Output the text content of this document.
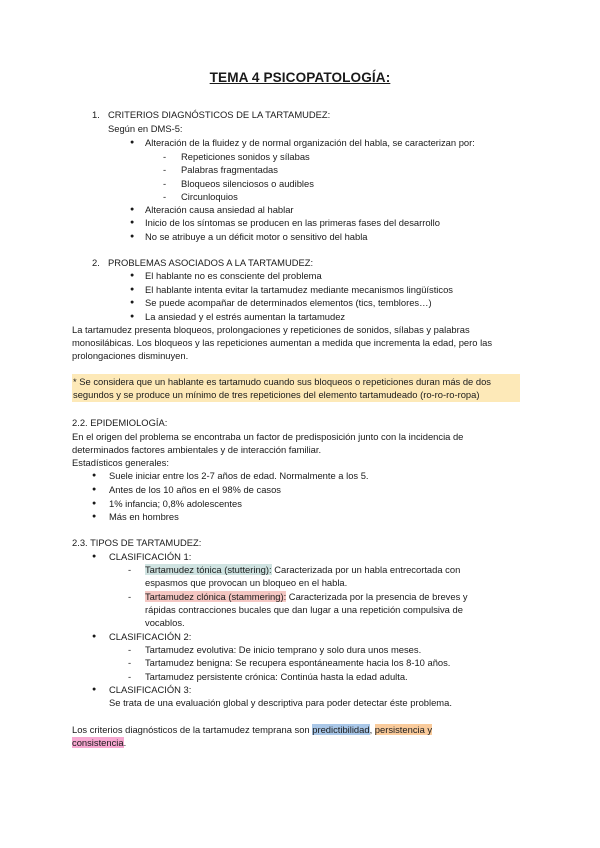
TEMA 4 PSICOPATOLOGÍA:
1. CRITERIOS DIAGNÓSTICOS DE LA TARTAMUDEZ:
Según en DMS-5:
● Alteración de la fluidez y de normal organización del habla, se caracterizan por:
- Repeticiones sonidos y sílabas
- Palabras fragmentadas
- Bloqueos silenciosos o audibles
- Circunloquios
● Alteración causa ansiedad al hablar
● Inicio de los síntomas se producen en las primeras fases del desarrollo
● No se atribuye a un déficit motor o sensitivo del habla
2. PROBLEMAS ASOCIADOS A LA TARTAMUDEZ:
● El hablante no es consciente del problema
● El hablante intenta evitar la tartamudez mediante mecanismos lingüísticos
● Se puede acompañar de determinados elementos (tics, temblores…)
● La ansiedad y el estrés aumentan la tartamudez
La tartamudez presenta bloqueos, prolongaciones y repeticiones de sonidos, sílabas y palabras
monosilábicas. Los bloqueos y las repeticiones aumentan a medida que incrementa la edad, pero las
prolongaciones disminuyen.
* Se considera que un hablante es tartamudo cuando sus bloqueos o repeticiones duran más de dos
segundos y se produce un mínimo de tres repeticiones del elemento tartamudeado (ro-ro-ro-ropa)
2.2. EPIDEMIOLOGÍA:
En el origen del problema se encontraba un factor de predisposición junto con la incidencia de
determinados factores ambientales y de interacción familiar.
Estadísticos generales:
● Suele iniciar entre los 2-7 años de edad. Normalmente a los 5.
● Antes de los 10 años en el 98% de casos
● 1% infancia; 0,8% adolescentes
● Más en hombres
2.3. TIPOS DE TARTAMUDEZ:
● CLASIFICACIÓN 1:
- Tartamudez tónica (stuttering): Caracterizada por un habla entrecortada con
espasmos que provocan un bloqueo en el habla.
- Tartamudez clónica (stammering): Caracterizada por la presencia de breves y
rápidas contracciones bucales que dan lugar a una repetición compulsiva de
vocablos.
● CLASIFICACIÓN 2:
- Tartamudez evolutiva: De inicio temprano y solo dura unos meses.
- Tartamudez benigna: Se recupera espontáneamente hacia los 8-10 años.
- Tartamudez persistente crónica: Continúa hasta la edad adulta.
● CLASIFICACIÓN 3:
Se trata de una evaluación global y descriptiva para poder detectar éste problema.
Los criterios diagnósticos de la tartamudez temprana son predictibilidad, persistencia y
consistencia.
